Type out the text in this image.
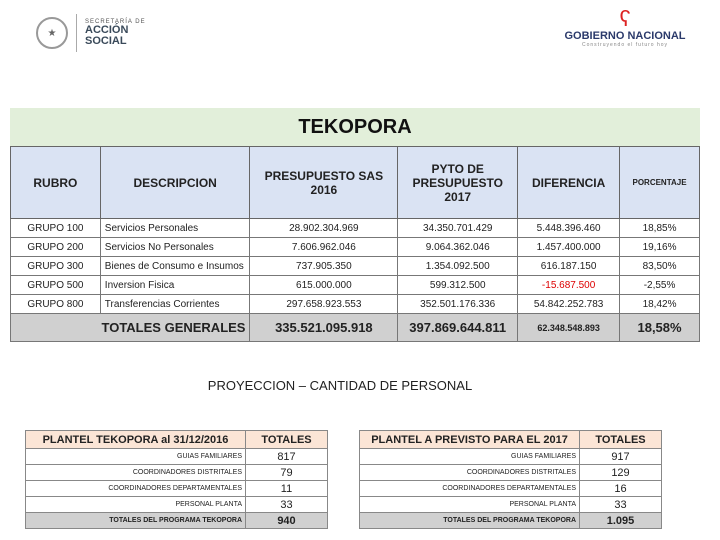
★
SECRETARÍA DE
ACCIÓN
SOCIAL
ʕ
GOBIERNO NACIONAL
Construyendo el futuro hoy
TEKOPORA
RUBRO	DESCRIPCION	PRESUPUESTO SAS 2016	PYTO DE PRESUPUESTO 2017	DIFERENCIA	PORCENTAJE
GRUPO 100	Servicios Personales	28.902.304.969	34.350.701.429	5.448.396.460	18,85%
GRUPO 200	Servicios No Personales	7.606.962.046	9.064.362.046	1.457.400.000	19,16%
GRUPO 300	Bienes de Consumo e Insumos	737.905.350	1.354.092.500	616.187.150	83,50%
GRUPO 500	Inversion Fisica	615.000.000	599.312.500	-15.687.500	-2,55%
GRUPO 800	Transferencias Corrientes	297.658.923.553	352.501.176.336	54.842.252.783	18,42%
TOTALES GENERALES		335.521.095.918	397.869.644.811	62.348.548.893	18,58%
PROYECCION – CANTIDAD DE PERSONAL
PLANTEL TEKOPORA al 31/12/2016	TOTALES
GUIAS FAMILIARES	817
COORDINADORES DISTRITALES	79
COORDINADORES DEPARTAMENTALES	11
PERSONAL PLANTA	33
TOTALES DEL PROGRAMA TEKOPORA	940
PLANTEL A PREVISTO PARA EL 2017	TOTALES
GUIAS FAMILIARES	917
COORDINADORES DISTRITALES	129
COORDINADORES DEPARTAMENTALES	16
PERSONAL PLANTA	33
TOTALES DEL PROGRAMA TEKOPORA	1.095
